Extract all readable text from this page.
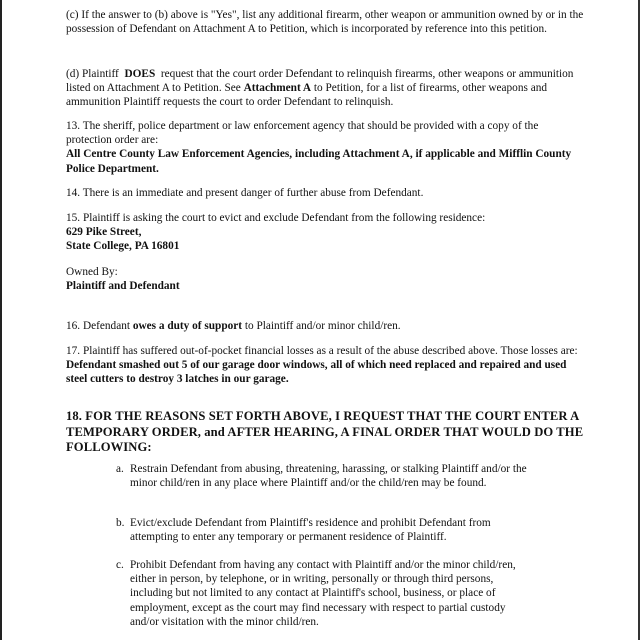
(c) If the answer to (b) above is "Yes", list any additional firearm, other weapon or ammunition owned by or in the possession of Defendant on Attachment A to Petition, which is incorporated by reference into this petition.

(d) Plaintiff DOES request that the court order Defendant to relinquish firearms, other weapons or ammunition listed on Attachment A to Petition. See Attachment A to Petition, for a list of firearms, other weapons and ammunition Plaintiff requests the court to order Defendant to relinquish.

13. The sheriff, police department or law enforcement agency that should be provided with a copy of the protection order are:

All Centre County Law Enforcement Agencies, including Attachment A, if applicable and Mifflin County Police Department.

14. There is an immediate and present danger of further abuse from Defendant.

15. Plaintiff is asking the court to evict and exclude Defendant from the following residence:

629 Pike Street,

State College, PA 16801

Owned By:

Plaintiff and Defendant

16. Defendant owes a duty of support to Plaintiff and/or minor child/ren.

17. Plaintiff has suffered out-of-pocket financial losses as a result of the abuse described above. Those losses are:

Defendant smashed out 5 of our garage door windows, all of which need replaced and repaired and used steel cutters to destroy 3 latches in our garage.

18. FOR THE REASONS SET FORTH ABOVE, I REQUEST THAT THE COURT ENTER A TEMPORARY ORDER, and AFTER HEARING, A FINAL ORDER THAT WOULD DO THE FOLLOWING:

a. Restrain Defendant from abusing, threatening, harassing, or stalking Plaintiff and/or the minor child/ren in any place where Plaintiff and/or the child/ren may be found.
b. Evict/exclude Defendant from Plaintiff's residence and prohibit Defendant from attempting to enter any temporary or permanent residence of Plaintiff.
c. Prohibit Defendant from having any contact with Plaintiff and/or the minor child/ren, either in person, by telephone, or in writing, personally or through third persons, including but not limited to any contact at Plaintiff's school, business, or place of employment, except as the court may find necessary with respect to partial custody and/or visitation with the minor child/ren.
